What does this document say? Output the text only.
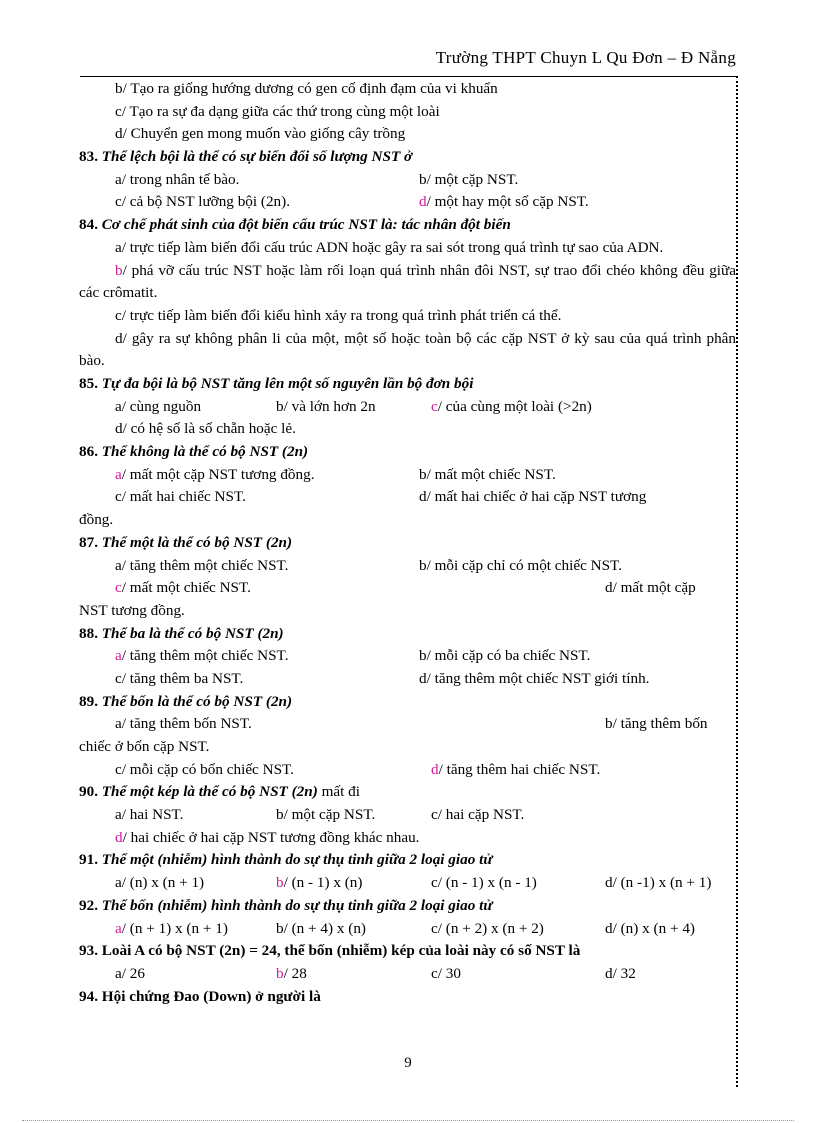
Trường THPT Chuyn L Qu Đơn – Đ Nẵng
b/ Tạo ra giống hướng dương có gen cố định đạm của vi khuẩn
c/ Tạo ra sự đa dạng giữa các thứ trong cùng một loài
d/ Chuyển gen mong muốn vào giống cây trồng
83. Thể lệch bội là thể có sự biến đổi số lượng NST ở
a/ trong nhân tế bào.	b/ một cặp NST.
c/ cả bộ NST lưỡng bội (2n).	d/ một hay một số cặp NST.
84. Cơ chế phát sinh của đột biến cấu trúc NST là: tác nhân đột biến
a/ trực tiếp làm biến đổi cấu trúc ADN hoặc gây ra sai sót trong quá trình tự sao của ADN.
b/ phá vỡ cấu trúc NST hoặc làm rối loạn quá trình nhân đôi NST, sự trao đổi chéo không đều giữa các crômatit.
c/ trực tiếp làm biến đổi kiểu hình xảy ra trong quá trình phát triển cá thể.
d/ gây ra sự không phân li của một, một số hoặc toàn bộ các cặp NST ở kỳ sau của quá trình phân bào.
85. Tự đa bội là bộ NST tăng lên một số nguyên lần bộ đơn bội
a/ cùng nguồn	b/ và lớn hơn 2n	c/ của cùng một loài (>2n)
d/ có hệ số là số chẵn hoặc lẻ.
86. Thể không là thể có bộ NST (2n)
a/ mất một cặp NST tương đồng.	b/ mất một chiếc NST.
c/ mất hai chiếc NST.	d/ mất hai chiếc ở hai cặp NST tương
đồng.
87. Thể một là thể có bộ NST (2n)
a/ tăng thêm một chiếc NST.	b/ mỗi cặp chỉ có một chiếc NST.
c/ mất một chiếc NST.	d/ mất một cặp
NST tương đồng.
88. Thể ba là thể có bộ NST (2n)
a/ tăng thêm một chiếc NST.	b/ mỗi cặp có ba chiếc NST.
c/ tăng thêm ba NST.	d/ tăng thêm một chiếc NST giới tính.
89. Thể bốn là thể có bộ NST (2n)
a/ tăng thêm bốn NST.	b/ tăng thêm bốn
chiếc ở bốn cặp NST.
c/ mỗi cặp có bốn chiếc NST.	d/ tăng thêm hai chiếc NST.
90. Thể một kép là thể có bộ NST (2n) mất đi
a/ hai NST.	b/ một cặp NST.	c/ hai cặp NST.
d/ hai chiếc ở hai cặp NST tương đồng khác nhau.
91. Thể một (nhiễm) hình thành do sự thụ tinh giữa 2 loại giao tử
a/ (n) x (n + 1)	b/ (n - 1) x (n)	c/ (n - 1) x (n - 1)	d/ (n -1) x (n + 1)
92. Thể bốn (nhiễm) hình thành do sự thụ tinh giữa 2 loại giao tử
a/ (n + 1) x (n + 1)	b/ (n + 4) x (n)	c/ (n + 2) x (n + 2)	d/ (n) x (n + 4)
93. Loài A có bộ NST (2n) = 24, thể bốn (nhiễm) kép của loài này có số NST là
a/ 26	b/ 28	c/ 30	d/ 32
94. Hội chứng Đao (Down) ở người là
9
